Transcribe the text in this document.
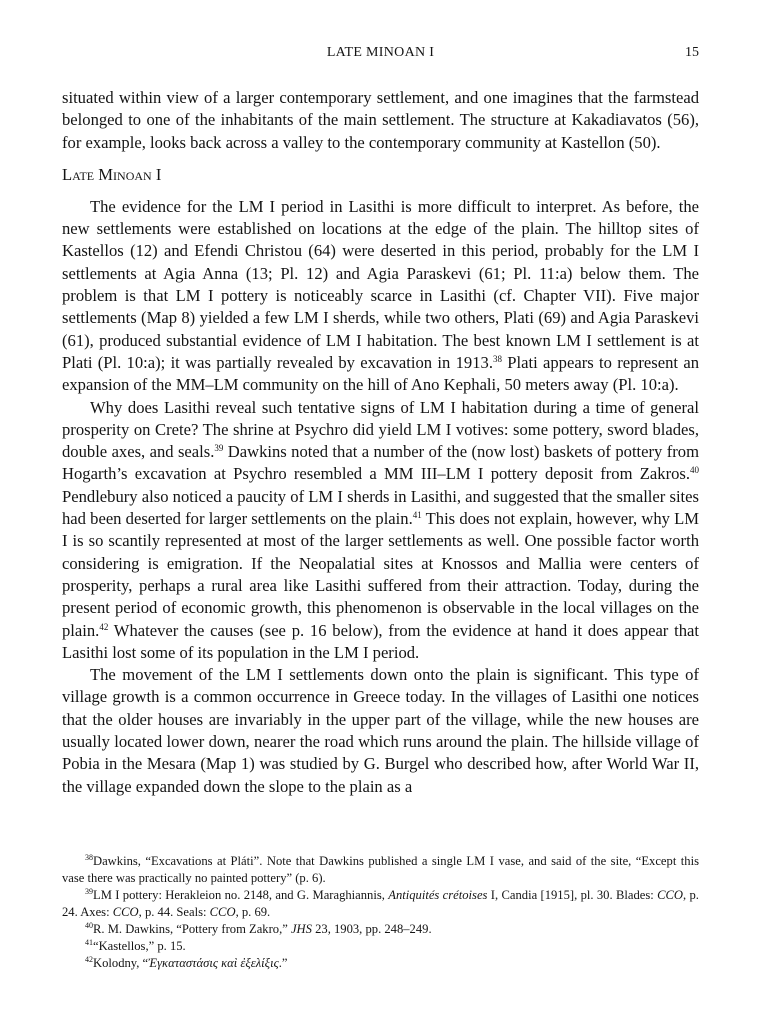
LATE MINOAN I	15

situated within view of a larger contemporary settlement, and one imagines that the farmstead belonged to one of the inhabitants of the main settlement. The structure at Kakadiavatos (56), for example, looks back across a valley to the contemporary community at Kastellon (50).

Late Minoan I

The evidence for the LM I period in Lasithi is more difficult to interpret. As before, the new settlements were established on locations at the edge of the plain. The hilltop sites of Kastellos (12) and Efendi Christou (64) were deserted in this period, probably for the LM I settlements at Agia Anna (13; Pl. 12) and Agia Paraskevi (61; Pl. 11:a) below them. The problem is that LM I pottery is noticeably scarce in Lasithi (cf. Chapter VII). Five major settlements (Map 8) yielded a few LM I sherds, while two others, Plati (69) and Agia Paraskevi (61), produced substantial evidence of LM I habitation. The best known LM I settlement is at Plati (Pl. 10:a); it was partially revealed by excavation in 1913.38 Plati appears to represent an expansion of the MM–LM community on the hill of Ano Kephali, 50 meters away (Pl. 10:a).

Why does Lasithi reveal such tentative signs of LM I habitation during a time of general prosperity on Crete? The shrine at Psychro did yield LM I votives: some pottery, sword blades, double axes, and seals.$^{39}$ Dawkins noted that a number of the (now lost) baskets of pottery from Hogarth’s excavation at Psychro resembled a MM III–LM I pottery deposit from Zakros.$^{40}$ Pendlebury also noticed a paucity of LM I sherds in Lasithi, and suggested that the smaller sites had been deserted for larger settlements on the plain.$^{41}$ This does not explain, however, why LM I is so scantily represented at most of the larger settlements as well. One possible factor worth considering is emigration. If the Neopalatial sites at Knossos and Mallia were centers of prosperity, perhaps a rural area like Lasithi suffered from their attraction. Today, during the present period of economic growth, this phenomenon is observable in the local villages on the plain.$^{42}$ Whatever the causes (see p. 16 below), from the evidence at hand it does appear that Lasithi lost some of its population in the LM I period.

The movement of the LM I settlements down onto the plain is significant. This type of village growth is a common occurrence in Greece today. In the villages of Lasithi one notices that the older houses are invariably in the upper part of the village, while the new houses are usually located lower down, nearer the road which runs around the plain. The hillside village of Pobia in the Mesara (Map 1) was studied by G. Burgel who described how, after World War II, the village expanded down the slope to the plain as a

$^{38}$Dawkins, “Excavations at Pláti”. Note that Dawkins published a single LM I vase, and said of the site, “Except this vase there was practically no painted pottery” (p. 6).

$^{39}$LM I pottery: Herakleion no. 2148, and G. Maraghiannis, Antiquités crétoises I, Candia [1915], pl. 30. Blades: CCO, p. 24. Axes: CCO, p. 44. Seals: CCO, p. 69.

$^{40}$R. M. Dawkins, “Pottery from Zakro,” JHS 23, 1903, pp. 248–249.

$^{41}$“Kastellos,” p. 15.

$^{42}$Kolodny, “Ἐγκαταστάσις καὶ ἐξελίξις.”
